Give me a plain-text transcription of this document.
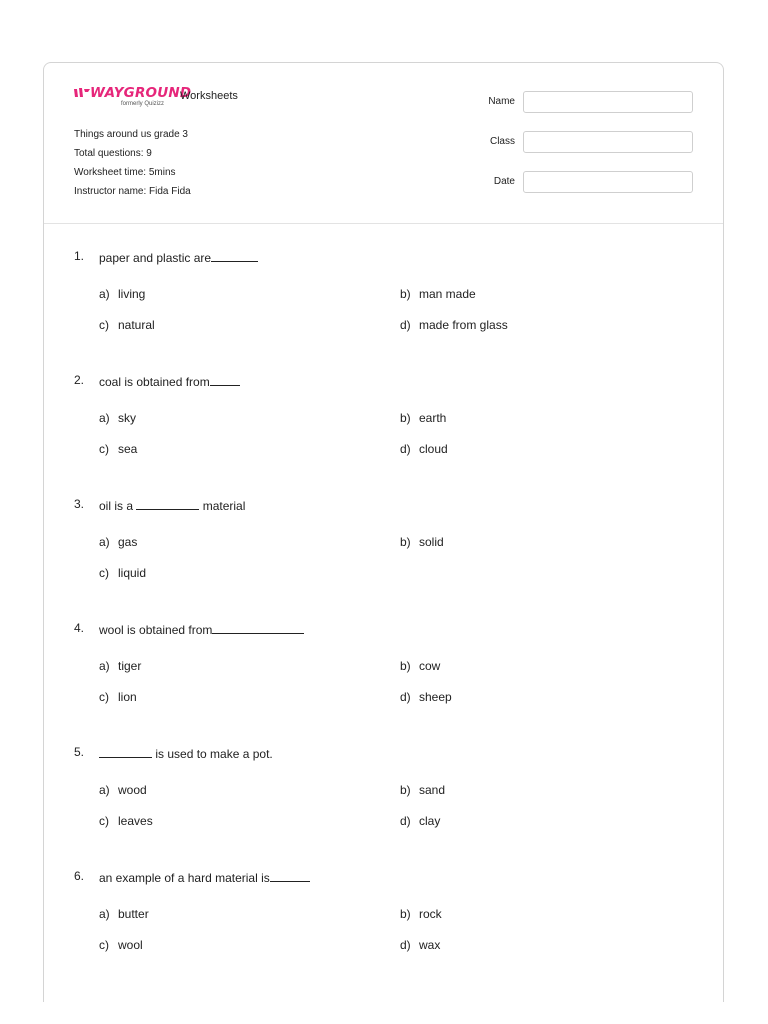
WAYGROUND
formerly Quizizz
Worksheets
Things around us grade 3
Total questions: 9
Worksheet time: 5mins
Instructor name: Fida Fida
Name
Class
Date
1. paper and plastic are
a) living	b) man made
c) natural	d) made from glass
2. coal is obtained from
a) sky	b) earth
c) sea	d) cloud
3. oil is a	material
a) gas	b) solid
c) liquid
4. wool is obtained from
a) tiger	b) cow
c) lion	d) sheep
5.	is used to make a pot.
a) wood	b) sand
c) leaves	d) clay
6. an example of a hard material is
a) butter	b) rock
c) wool	d) wax
